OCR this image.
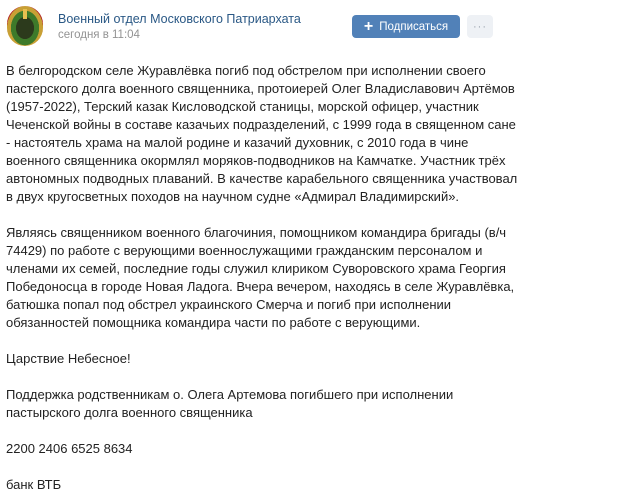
Военный отдел Московского Патриархата
сегодня в 11:04
+ Подписаться	···
В белгородском селе Журавлёвка погиб под обстрелом при исполнении своего
пастерского долга военного священника, протоиерей Олег Владиславович Артёмов
(1957-2022), Терский казак Кисловодской станицы, морской офицер, участник
Чеченской войны в составе казачьих подразделений, с 1999 года в священном сане
- настоятель храма на малой родине и казачий духовник, с 2010 года в чине
военного священника окормлял моряков-подводников на Камчатке. Участник трёх
автономных подводных плаваний. В качестве карабельного священника участвовал
в двух кругосветных походов на научном судне «Адмирал Владимирский».
Являясь священником военного благочиния, помощником командира бригады (в/ч
74429) по работе с верующими военнослужащими гражданским персоналом и
членами их семей, последние годы служил клириком Суворовского храма Георгия
Победоносца в городе Новая Ладога. Вчера вечером, находясь в селе Журавлёвка,
батюшка попал под обстрел украинского Смерча и погиб при исполнении
обязанностей помощника командира части по работе с верующими.
Царствие Небесное!
Поддержка родственникам о. Олега Артемова погибшего при исполнении
пастырского долга военного священника
2200 2406 6525 8634
банк ВТБ
